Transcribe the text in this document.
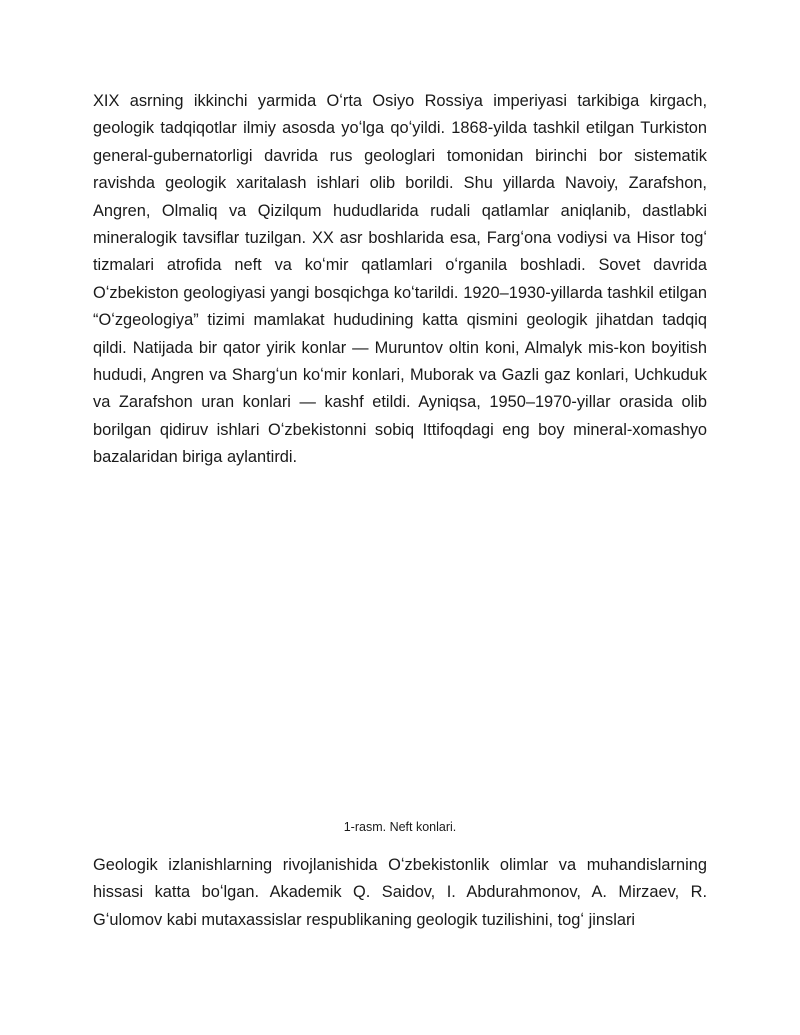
XIX asrning ikkinchi yarmida Oʻrta Osiyo Rossiya imperiyasi tarkibiga kirgach, geologik tadqiqotlar ilmiy asosda yoʻlga qoʻyildi. 1868-yilda tashkil etilgan Turkiston general-gubernatorligi davrida rus geologlari tomonidan birinchi bor sistematik ravishda geologik xaritalash ishlari olib borildi. Shu yillarda Navoiy, Zarafshon, Angren, Olmaliq va Qizilqum hududlarida rudali qatlamlar aniqlanib, dastlabki mineralogik tavsiflar tuzilgan. XX asr boshlarida esa, Fargʻona vodiysi va Hisor togʻ tizmalari atrofida neft va koʻmir qatlamlari oʻrganila boshladi. Sovet davrida Oʻzbekiston geologiyasi yangi bosqichga koʻtarildi. 1920–1930-yillarda tashkil etilgan “Oʻzgeologiya” tizimi mamlakat hududining katta qismini geologik jihatdan tadqiq qildi. Natijada bir qator yirik konlar — Muruntov oltin koni, Almalyk mis-kon boyitish hududi, Angren va Shargʻun koʻmir konlari, Muborak va Gazli gaz konlari, Uchkuduk va Zarafshon uran konlari — kashf etildi. Ayniqsa, 1950–1970-yillar orasida olib borilgan qidiruv ishlari Oʻzbekistonni sobiq Ittifoqdagi eng boy mineral-xomashyo bazalaridan biriga aylantirdi.

1-rasm. Neft konlari.

Geologik izlanishlarning rivojlanishida Oʻzbekistonlik olimlar va muhandislarning hissasi katta boʻlgan. Akademik Q. Saidov, I. Abdurahmonov, A. Mirzaev, R. Gʻulomov kabi mutaxassislar respublikaning geologik tuzilishini, togʻ jinslari
